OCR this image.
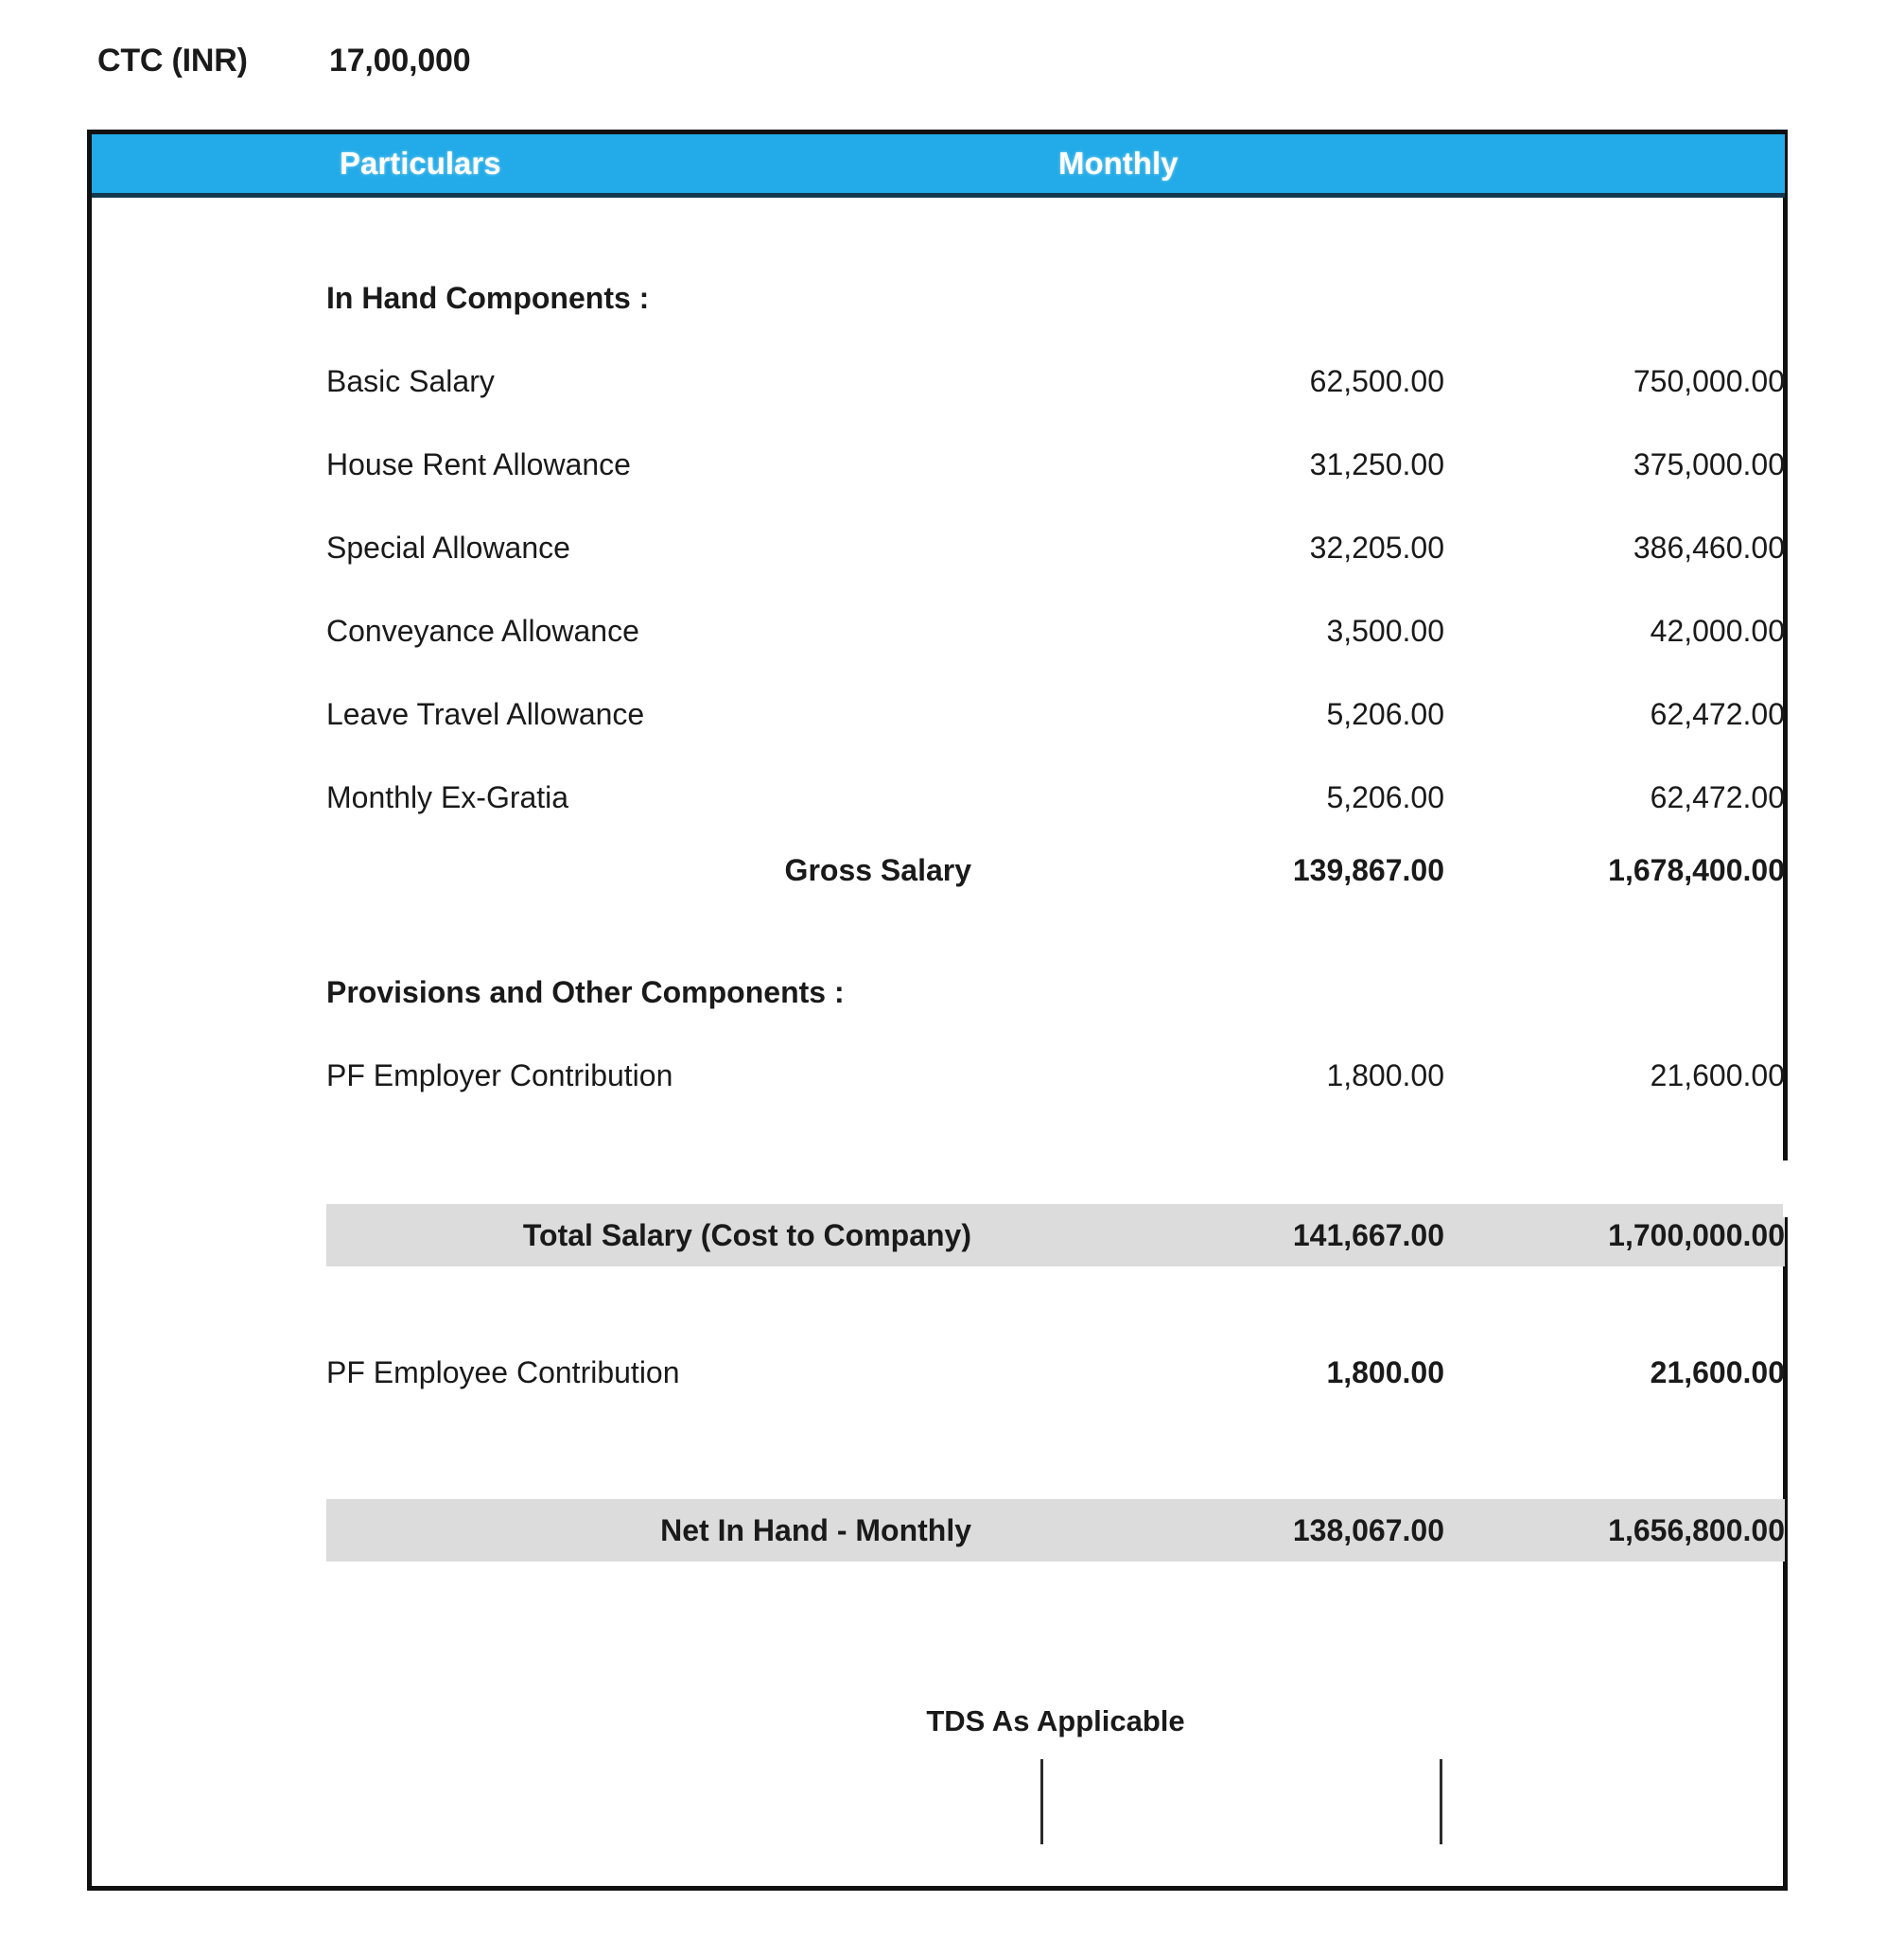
CTC (INR)	17,00,000
	Particulars	Monthly	

	In Hand Components :		
	Basic Salary	62,500.00	750,000.00
	House Rent Allowance	31,250.00	375,000.00
	Special Allowance	32,205.00	386,460.00
	Conveyance Allowance	3,500.00	42,000.00
	Leave Travel Allowance	5,206.00	62,472.00
	Monthly Ex-Gratia	5,206.00	62,472.00
	Gross Salary	139,867.00	1,678,400.00

	Provisions and Other Components :		
	PF Employer Contribution	1,800.00	21,600.00

	Total Salary (Cost to Company)	141,667.00	1,700,000.00

	PF Employee Contribution	1,800.00	21,600.00

	Net In Hand - Monthly	138,067.00	1,656,800.00

	TDS As Applicable		
